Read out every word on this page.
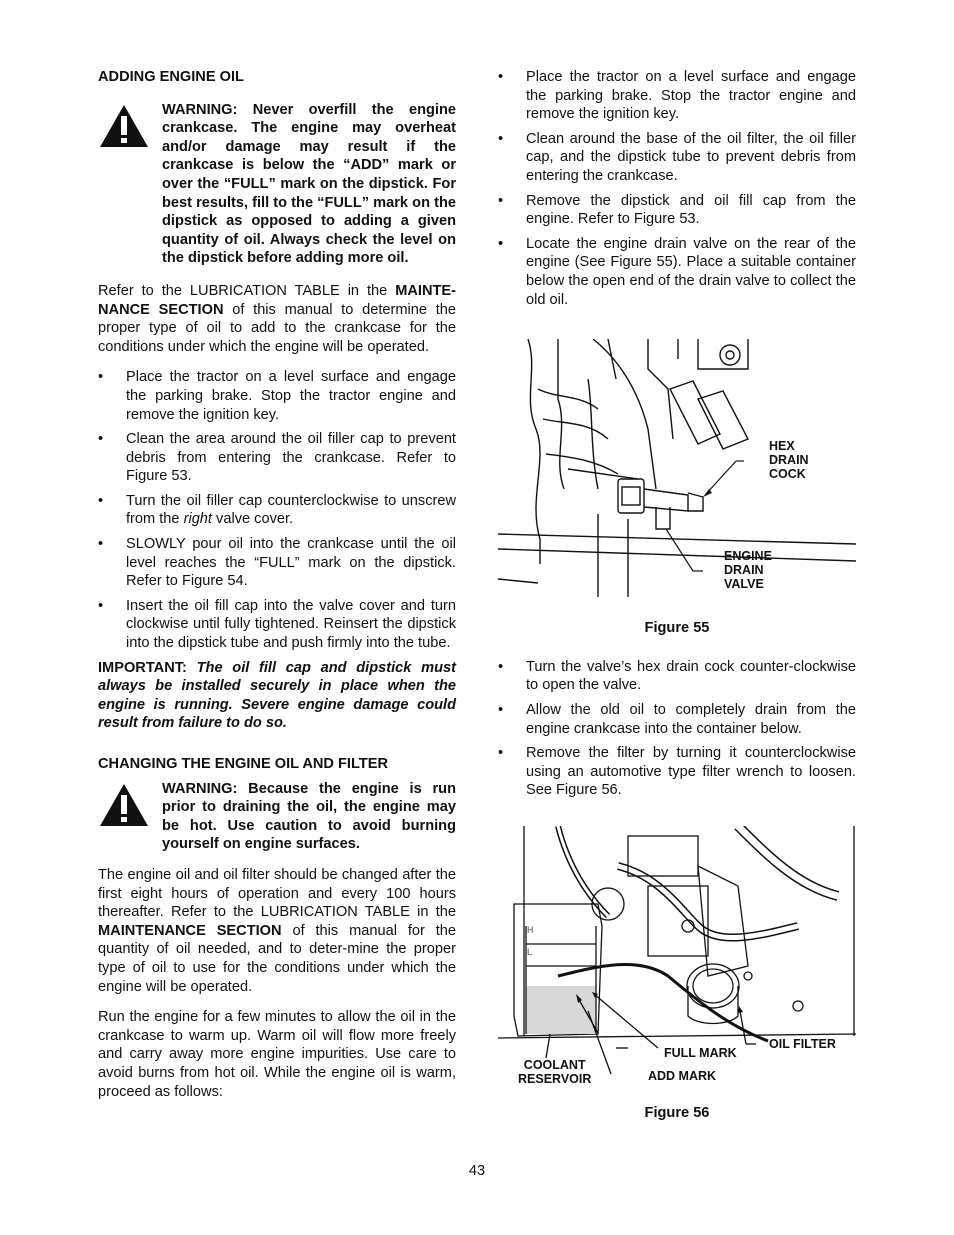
ADDING ENGINE OIL
WARNING: Never overfill the engine crankcase. The engine may overheat and/or damage may result if the crankcase is below the “ADD” mark or over the “FULL” mark on the dipstick. For best results, fill to the “FULL” mark on the dipstick as opposed to adding a given quantity of oil. Always check the level on the dipstick before adding more oil.

Refer to the LUBRICATION TABLE in the MAINTE-NANCE SECTION of this manual to determine the proper type of oil to add to the crankcase for the conditions under which the engine will be operated.

• Place the tractor on a level surface and engage the parking brake. Stop the tractor engine and remove the ignition key.
• Clean the area around the oil filler cap to prevent debris from entering the crankcase. Refer to Figure 53.
• Turn the oil filler cap counterclockwise to unscrew from the right valve cover.
• SLOWLY pour oil into the crankcase until the oil level reaches the “FULL” mark on the dipstick. Refer to Figure 54.
• Insert the oil fill cap into the valve cover and turn clockwise until fully tightened. Reinsert the dipstick into the dipstick tube and push firmly into the tube.

IMPORTANT: The oil fill cap and dipstick must always be installed securely in place when the engine is running. Severe engine damage could result from failure to do so.

CHANGING THE ENGINE OIL AND FILTER
WARNING: Because the engine is run prior to draining the oil, the engine may be hot. Use caution to avoid burning yourself on engine surfaces.

The engine oil and oil filter should be changed after the first eight hours of operation and every 100 hours thereafter. Refer to the LUBRICATION TABLE in the MAINTENANCE SECTION of this manual for the quantity of oil needed, and to deter-mine the proper type of oil to use for the conditions under which the engine will be operated.

Run the engine for a few minutes to allow the oil in the crankcase to warm up. Warm oil will flow more freely and carry away more engine impurities. Use care to avoid burns from hot oil. While the engine oil is warm, proceed as follows:

• Place the tractor on a level surface and engage the parking brake. Stop the tractor engine and remove the ignition key.
• Clean around the base of the oil filter, the oil filler cap, and the dipstick tube to prevent debris from entering the crankcase.
• Remove the dipstick and oil fill cap from the engine. Refer to Figure 53.
• Locate the engine drain valve on the rear of the engine (See Figure 55). Place a suitable container below the open end of the drain valve to collect the old oil.
HEX
DRAIN
COCK
ENGINE
DRAIN
VALVE
Figure 55
• Turn the valve’s hex drain cock counter-clockwise to open the valve.
• Allow the old oil to completely drain from the engine crankcase into the container below.
• Remove the filter by turning it counterclockwise using an automotive type filter wrench to loosen. See Figure 56.
H
L
OIL FILTER
FULL MARK
COOLANT
RESERVOIR	ADD MARK
Figure 56
43
